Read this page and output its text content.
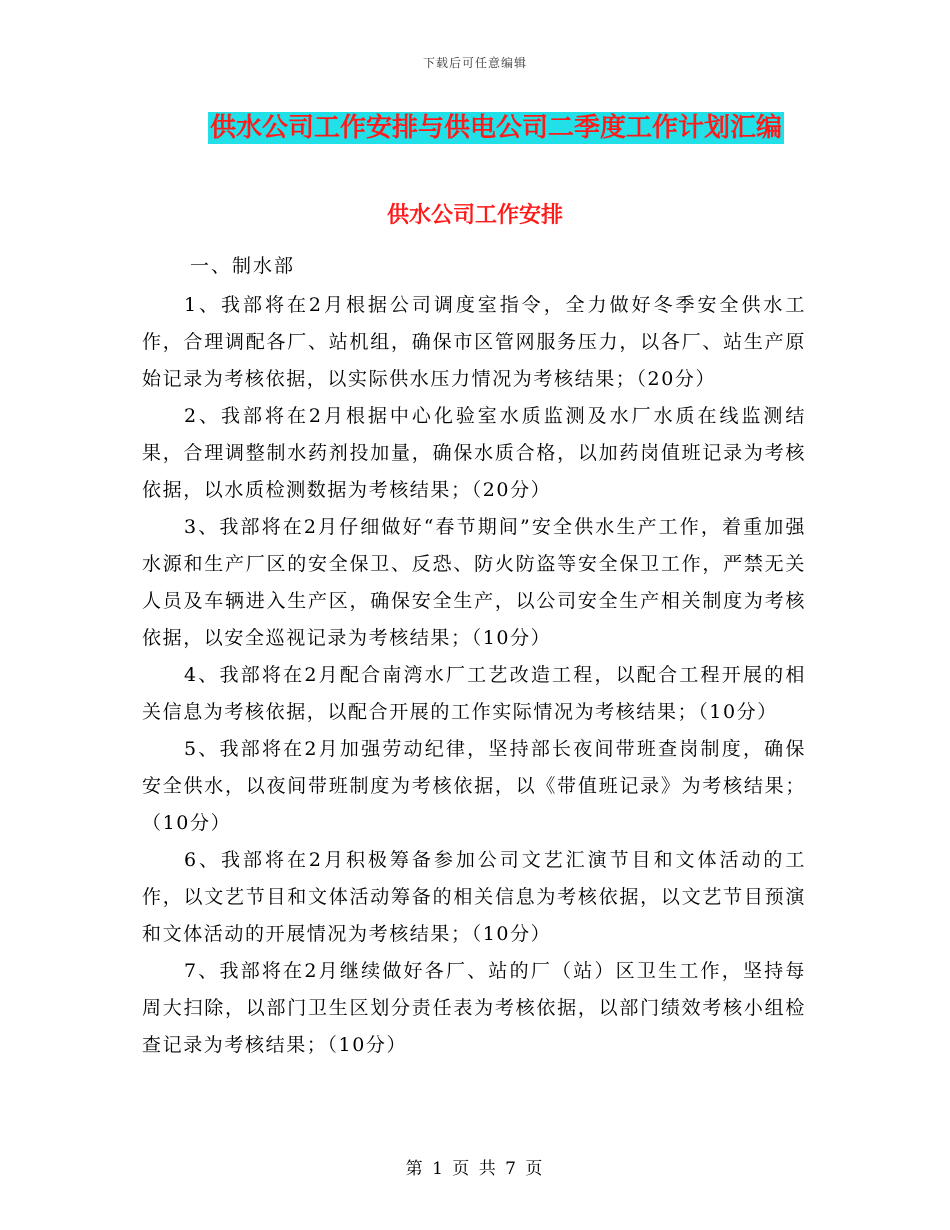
下载后可任意编辑
供水公司工作安排与供电公司二季度工作计划汇编
供水公司工作安排
一、制水部

1、我部将在2月根据公司调度室指令，全力做好冬季安全供水工作，合理调配各厂、站机组，确保市区管网服务压力，以各厂、站生产原始记录为考核依据，以实际供水压力情况为考核结果；（20分）

2、我部将在2月根据中心化验室水质监测及水厂水质在线监测结果，合理调整制水药剂投加量，确保水质合格，以加药岗值班记录为考核依据，以水质检测数据为考核结果；（20分）

3、我部将在2月仔细做好“春节期间”安全供水生产工作，着重加强水源和生产厂区的安全保卫、反恐、防火防盗等安全保卫工作，严禁无关人员及车辆进入生产区，确保安全生产，以公司安全生产相关制度为考核依据，以安全巡视记录为考核结果；（10分）

4、我部将在2月配合南湾水厂工艺改造工程，以配合工程开展的相关信息为考核依据，以配合开展的工作实际情况为考核结果；（10分）

5、我部将在2月加强劳动纪律，坚持部长夜间带班查岗制度，确保安全供水，以夜间带班制度为考核依据，以《带值班记录》为考核结果；（10分）

6、我部将在2月积极筹备参加公司文艺汇演节目和文体活动的工作，以文艺节目和文体活动筹备的相关信息为考核依据，以文艺节目预演和文体活动的开展情况为考核结果；（10分）

7、我部将在2月继续做好各厂、站的厂（站）区卫生工作，坚持每周大扫除，以部门卫生区划分责任表为考核依据，以部门绩效考核小组检查记录为考核结果；（10分）

第 1 页 共 7 页
